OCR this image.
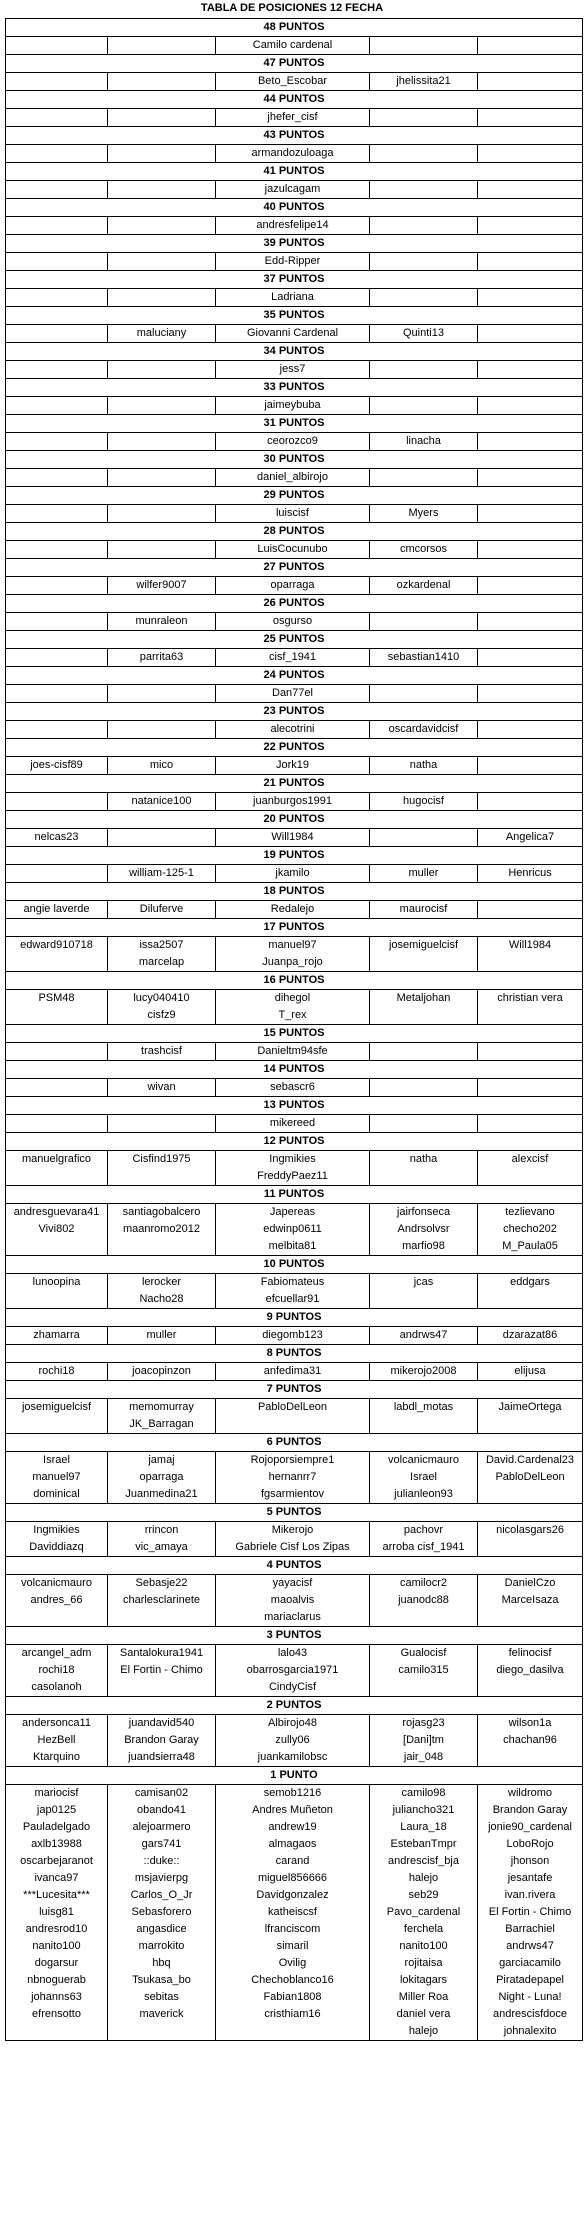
TABLA DE POSICIONES 12 FECHA
48 PUNTOS				
		Camilo cardenal		
47 PUNTOS				
		Beto_Escobar	jhelissita21	
44 PUNTOS				
		jhefer_cisf		
43 PUNTOS				
		armandozuloaga		
41 PUNTOS				
		jazulcagam		
40 PUNTOS				
		andresfelipe14		
39 PUNTOS				
		Edd-Ripper		
37 PUNTOS				
		Ladriana		
35 PUNTOS				
	maluciany	Giovanni Cardenal	Quinti13	
34 PUNTOS				
		jess7		
33 PUNTOS				
		jaimeybuba		
31 PUNTOS				
		ceorozco9	linacha	
30 PUNTOS				
		daniel_albirojo		
29 PUNTOS				
		luiscisf	Myers	
28 PUNTOS				
		LuisCocunubo	cmcorsos	
27 PUNTOS				
	wilfer9007	oparraga	ozkardenal	
26 PUNTOS				
	munraleon	osgurso		
25 PUNTOS				
	parrita63	cisf_1941	sebastian1410	
24 PUNTOS				
		Dan77el		
23 PUNTOS				
		alecotrini	oscardavidcisf	
22 PUNTOS				
joes-cisf89	mico	Jork19	natha	
21 PUNTOS				
	natanice100	juanburgos1991	hugocisf	
20 PUNTOS				
nelcas23		Will1984		Angelica7
19 PUNTOS				
	william-125-1	jkamilo	muller	Henricus
18 PUNTOS				
angie laverde	Diluferve	Redalejo	maurocisf	
17 PUNTOS				
edward910718	issa2507	manuel97	josemiguelcisf	Will1984
	marcelap	Juanpa_rojo		
16 PUNTOS				
PSM48	lucy040410	dihegol	Metaljohan	christian vera
	cisfz9	T_rex		
15 PUNTOS				
	trashcisf	Danieltm94sfe		
14 PUNTOS				
	wivan	sebascr6		
13 PUNTOS				
		mikereed		
12 PUNTOS				
manuelgrafico	Cisfind1975	Ingmikies	natha	alexcisf
		FreddyPaez11		
11 PUNTOS				
andresguevara41	santiagobalcero	Japereas	jairfonseca	tezlievano
Vivi802	maanromo2012	edwinp0611	Andrsolvsr	checho202
		melbita81	marfio98	M_Paula05
10 PUNTOS				
lunoopina	lerocker	Fabiomateus	jcas	eddgars
	Nacho28	efcuellar91		
9 PUNTOS				
zhamarra	muller	diegomb123	andrws47	dzarazat86
8 PUNTOS				
rochi18	joacopinzon	anfedima31	mikerojo2008	elijusa
7 PUNTOS				
josemiguelcisf	memomurray	PabloDelLeon	labdl_motas	JaimeOrtega
	JK_Barragan			
6 PUNTOS				
Israel	jamaj	Rojoporsiempre1	volcanicmauro	David.Cardenal23
manuel97	oparraga	hernanrr7	Israel	PabloDelLeon
dominical	Juanmedina21	fgsarmientov	julianleon93	
5 PUNTOS				
Ingmikies	rrincon	Mikerojo	pachovr	nicolasgars26
Daviddiazq	vic_amaya	Gabriele Cisf Los Zipas	arroba cisf_1941	
4 PUNTOS				
volcanicmauro	Sebasje22	yayacisf	camilocr2	DanielCzo
andres_66	charlesclarinete	maoalvis	juanodc88	MarceIsaza
		mariaclarus		
3 PUNTOS				
arcangel_adm	Santalokura1941	lalo43	Gualocisf	felinocisf
rochi18	El Fortin - Chimo	obarrosgarcia1971	camilo315	diego_dasilva
casolanoh		CindyCisf		
2 PUNTOS				
andersonca11	juandavid540	Albirojo48	rojasg23	wilson1a
HezBell	Brandon Garay	zully06	[Dani]tm	chachan96
Ktarquino	juandsierra48	juankamilobsc	jair_048	
1 PUNTO				
mariocisf	camisan02	semob1216	camilo98	wildromo
jap0125	obando41	Andres Muñeton	juliancho321	Brandon Garay
Pauladelgado	alejoarmero	andrew19	Laura_18	jonie90_cardenal
axlb13988	gars741	almagaos	EstebanTmpr	LoboRojo
oscarbejaranot	::duke::	carand	andrescisf_bja	jhonson
ivanca97	msjavierpg	miguel856666	halejo	jesantafe
***Lucesita***	Carlos_O_Jr	Davidgonzalez	seb29	ivan.rivera
luisg81	Sebasforero	katheiscsf	Pavo_cardenal	El Fortin - Chimo
andresrod10	angasdice	lfranciscom	ferchela	Barrachiel
nanito100	marrokito	simaril	nanito100	andrws47
dogarsur	hbq	Ovilig	rojitaisa	garciacamilo
nbnoguerab	Tsukasa_bo	Chechoblanco16	lokitagars	Piratadepapel
johanns63	sebitas	Fabian1808	Miller Roa	Night - Luna!
efrensotto	maverick	cristhiam16	daniel vera	andrescisfdoce
			halejo	johnalexito
